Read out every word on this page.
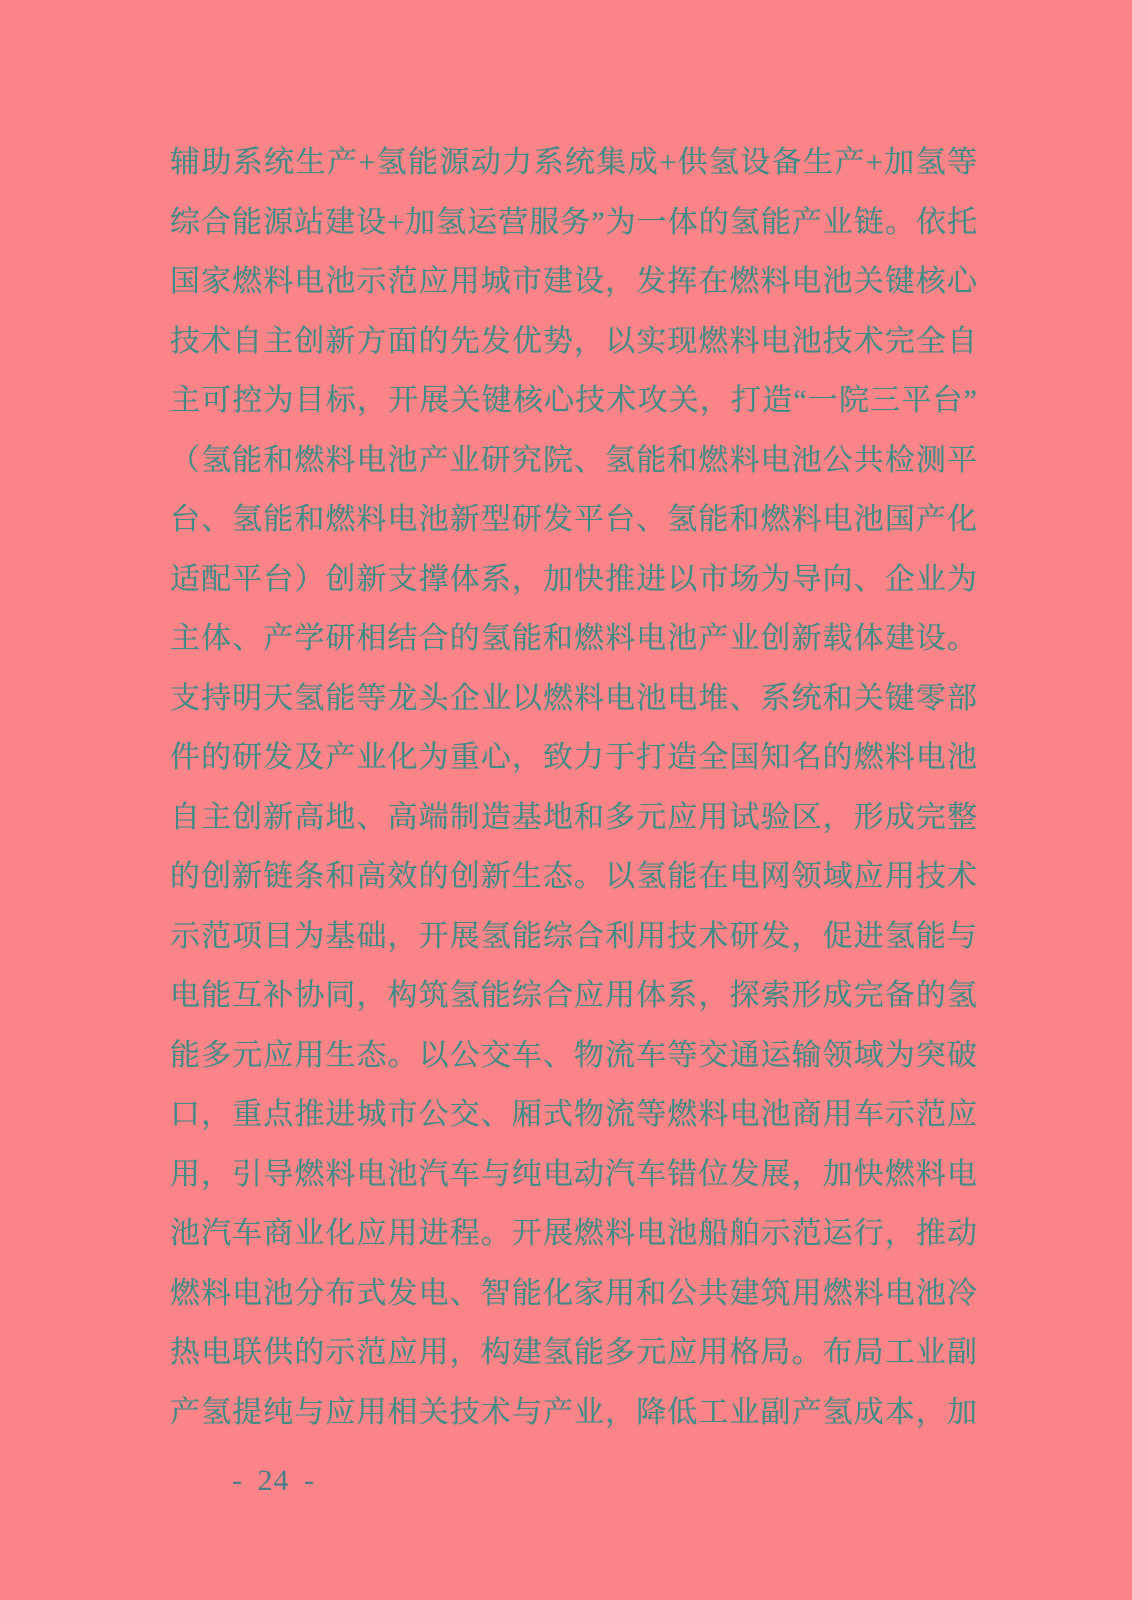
辅助系统生产+氢能源动力系统集成+供氢设备生产+加氢等
综合能源站建设+加氢运营服务”为一体的氢能产业链。依托
国家燃料电池示范应用城市建设，发挥在燃料电池关键核心
技术自主创新方面的先发优势，以实现燃料电池技术完全自
主可控为目标，开展关键核心技术攻关，打造“一院三平台”
（氢能和燃料电池产业研究院、氢能和燃料电池公共检测平
台、氢能和燃料电池新型研发平台、氢能和燃料电池国产化
适配平台）创新支撑体系，加快推进以市场为导向、企业为
主体、产学研相结合的氢能和燃料电池产业创新载体建设。
支持明天氢能等龙头企业以燃料电池电堆、系统和关键零部
件的研发及产业化为重心，致力于打造全国知名的燃料电池
自主创新高地、高端制造基地和多元应用试验区，形成完整
的创新链条和高效的创新生态。以氢能在电网领域应用技术
示范项目为基础，开展氢能综合利用技术研发，促进氢能与
电能互补协同，构筑氢能综合应用体系，探索形成完备的氢
能多元应用生态。以公交车、物流车等交通运输领域为突破
口，重点推进城市公交、厢式物流等燃料电池商用车示范应
用，引导燃料电池汽车与纯电动汽车错位发展，加快燃料电
池汽车商业化应用进程。开展燃料电池船舶示范运行，推动
燃料电池分布式发电、智能化家用和公共建筑用燃料电池冷
热电联供的示范应用，构建氢能多元应用格局。布局工业副
产氢提纯与应用相关技术与产业，降低工业副产氢成本，加
- 24 -
